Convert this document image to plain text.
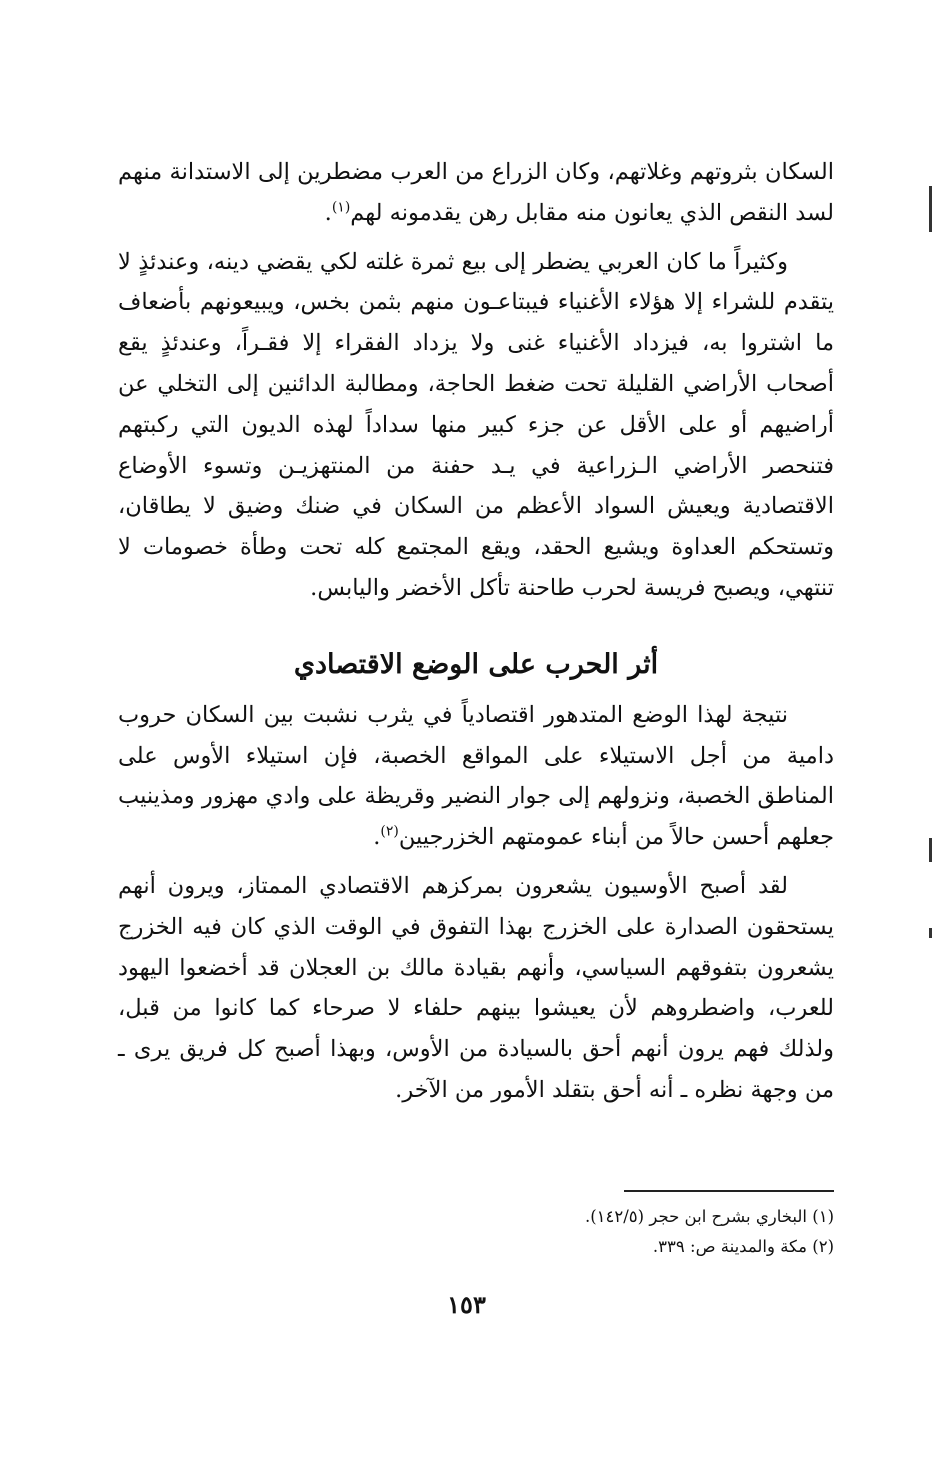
السكان بثروتهم وغلاتهم، وكان الزراع من العرب مضطرين إلى الاستدانة منهم لسد النقص الذي يعانون منه مقابل رهن يقدمونه لهم$^{(١)}$.

وكثيراً ما كان العربي يضطر إلى بيع ثمرة غلته لكي يقضي دينه، وعندئذٍ لا يتقدم للشراء إلا هؤلاء الأغنياء فيبتاعـون منهم بثمن بخس، ويبيعونهم بأضعاف ما اشتروا به، فيزداد الأغنياء غنى ولا يزداد الفقراء إلا فقـراً، وعندئذٍ يقع أصحاب الأراضي القليلة تحت ضغط الحاجة، ومطالبة الدائنين إلى التخلي عن أراضيهم أو على الأقل عن جزء كبير منها سداداً لهذه الديون التي ركبتهم فتنحصر الأراضي الـزراعية في يـد حفنة من المنتهزيـن وتسوء الأوضاع الاقتصادية ويعيش السواد الأعظم من السكان في ضنك وضيق لا يطاقان، وتستحكم العداوة ويشيع الحقد، ويقع المجتمع كله تحت وطأة خصومات لا تنتهي، ويصبح فريسة لحرب طاحنة تأكل الأخضر واليابس.

أثر الحرب على الوضع الاقتصادي

نتيجة لهذا الوضع المتدهور اقتصادياً في يثرب نشبت بين السكان حروب دامية من أجل الاستيلاء على المواقع الخصبة، فإن استيلاء الأوس على المناطق الخصبة، ونزولهم إلى جوار النضير وقريظة على وادي مهزور ومذينيب جعلهم أحسن حالاً من أبناء عمومتهم الخزرجيين$^{(٢)}$.

لقد أصبح الأوسيون يشعرون بمركزهم الاقتصادي الممتاز، ويرون أنهم يستحقون الصدارة على الخزرج بهذا التفوق في الوقت الذي كان فيه الخزرج يشعرون بتفوقهم السياسي، وأنهم بقيادة مالك بن العجلان قد أخضعوا اليهود للعرب، واضطروهم لأن يعيشوا بينهم حلفاء لا صرحاء كما كانوا من قبل، ولذلك فهم يرون أنهم أحق بالسيادة من الأوس، وبهذا أصبح كل فريق يرى ـ من وجهة نظره ـ أنه أحق بتقلد الأمور من الآخر.

(١) البخاري بشرح ابن حجر (١٤٢/٥).

(٢) مكة والمدينة ص: ٣٣٩.

١٥٣
